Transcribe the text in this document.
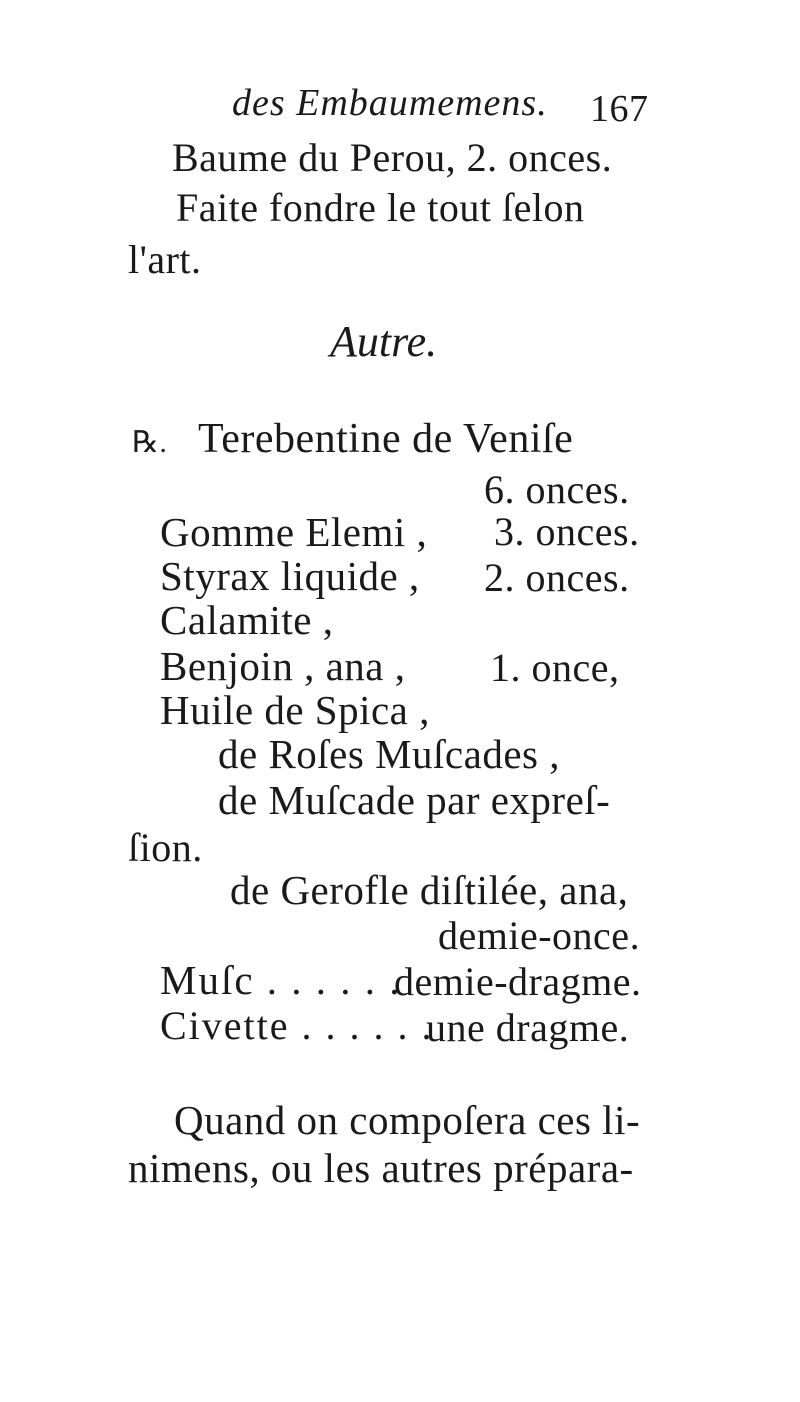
des Embaumemens. 167
Baume du Perou, 2. onces.
Faite fondre le tout ſelon
l'art.
Autre.
℞. Terebentine de Veniſe
6. onces.
Gomme Elemi , 3. onces.
Styrax liquide , 2. onces.
Calamite ,
Benjoin , ana , 1. once,
Huile de Spica ,
de Roſes Muſcades ,
de Muſcade par expreſ-
ſion.
de Gerofle diſtilée, ana,
demie-once.
Muſc . . . . . .
demie-dragme.
Civette . . . . . .
une dragme.
Quand on compoſera ces li-
nimens, ou les autres prépara-
